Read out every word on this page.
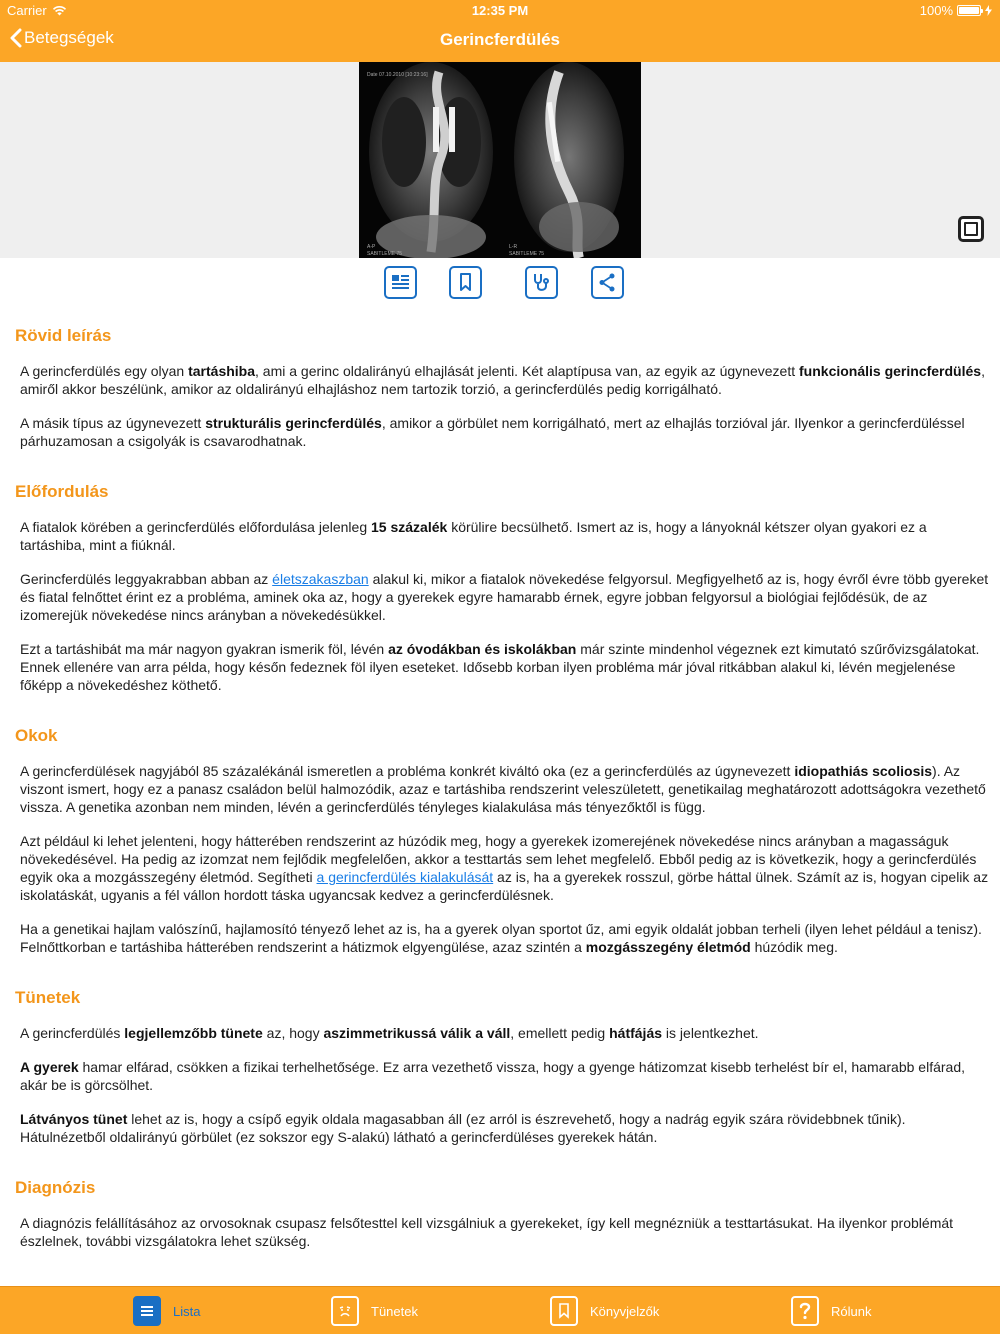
Carrier	12:35 PM	100%
Betegségek	Gerincferdülés
Date 07.10.2010 [10:23:16]
A-P
SABITLEME 75
L-R
SABITLEME 75
Rövid leírás
A gerincferdülés egy olyan tartáshiba, ami a gerinc oldalirányú elhajlását jelenti. Két alaptípusa van, az egyik az úgynevezett funkcionális gerincferdülés, amiről akkor beszélünk, amikor az oldalirányú elhajláshoz nem tartozik torzió, a gerincferdülés pedig korrigálható.
A másik típus az úgynevezett strukturális gerincferdülés, amikor a görbület nem korrigálható, mert az elhajlás torzióval jár. Ilyenkor a gerincferdüléssel párhuzamosan a csigolyák is csavarodhatnak.
Előfordulás
A fiatalok körében a gerincferdülés előfordulása jelenleg 15 százalék körülire becsülhető. Ismert az is, hogy a lányoknál kétszer olyan gyakori ez a tartáshiba, mint a fiúknál.
Gerincferdülés leggyakrabban abban az életszakaszban alakul ki, mikor a fiatalok növekedése felgyorsul. Megfigyelhető az is, hogy évről évre több gyereket és fiatal felnőttet érint ez a probléma, aminek oka az, hogy a gyerekek egyre hamarabb érnek, egyre jobban felgyorsul a biológiai fejlődésük, de az izomerejük növekedése nincs arányban a növekedésükkel.
Ezt a tartáshibát ma már nagyon gyakran ismerik föl, lévén az óvodákban és iskolákban már szinte mindenhol végeznek ezt kimutató szűrővizsgálatokat. Ennek ellenére van arra példa, hogy későn fedeznek föl ilyen eseteket. Idősebb korban ilyen probléma már jóval ritkábban alakul ki, lévén megjelenése főképp a növekedéshez köthető.
Okok
A gerincferdülések nagyjából 85 százalékánál ismeretlen a probléma konkrét kiváltó oka (ez a gerincferdülés az úgynevezett idiopathiás scoliosis). Az viszont ismert, hogy ez a panasz családon belül halmozódik, azaz e tartáshiba rendszerint veleszületett, genetikailag meghatározott adottságokra vezethető vissza. A genetika azonban nem minden, lévén a gerincferdülés tényleges kialakulása más tényezőktől is függ.
Azt például ki lehet jelenteni, hogy hátterében rendszerint az húzódik meg, hogy a gyerekek izomerejének növekedése nincs arányban a magasságuk növekedésével. Ha pedig az izomzat nem fejlődik megfelelően, akkor a testtartás sem lehet megfelelő. Ebből pedig az is következik, hogy a gerincferdülés egyik oka a mozgásszegény életmód. Segítheti a gerincferdülés kialakulását az is, ha a gyerekek rosszul, görbe háttal ülnek. Számít az is, hogyan cipelik az iskolatáskát, ugyanis a fél vállon hordott táska ugyancsak kedvez a gerincferdülésnek.
Ha a genetikai hajlam valószínű, hajlamosító tényező lehet az is, ha a gyerek olyan sportot űz, ami egyik oldalát jobban terheli (ilyen lehet például a tenisz). Felnőttkorban e tartáshiba hátterében rendszerint a hátizmok elgyengülése, azaz szintén a mozgásszegény életmód húzódik meg.
Tünetek
A gerincferdülés legjellemzőbb tünete az, hogy aszimmetrikussá válik a váll, emellett pedig hátfájás is jelentkezhet.
A gyerek hamar elfárad, csökken a fizikai terhelhetősége. Ez arra vezethető vissza, hogy a gyenge hátizomzat kisebb terhelést bír el, hamarabb elfárad, akár be is görcsölhet.
Látványos tünet lehet az is, hogy a csípő egyik oldala magasabban áll (ez arról is észrevehető, hogy a nadrág egyik szára rövidebbnek tűnik). Hátulnézetből oldalirányú görbület (ez sokszor egy S-alakú) látható a gerincferdüléses gyerekek hátán.
Diagnózis
A diagnózis felállításához az orvosoknak csupasz felsőtesttel kell vizsgálniuk a gyerekeket, így kell megnézniük a testtartásukat. Ha ilyenkor problémát észlelnek, további vizsgálatokra lehet szükség.
Lista	Tünetek	Könyvjelzők	Rólunk
